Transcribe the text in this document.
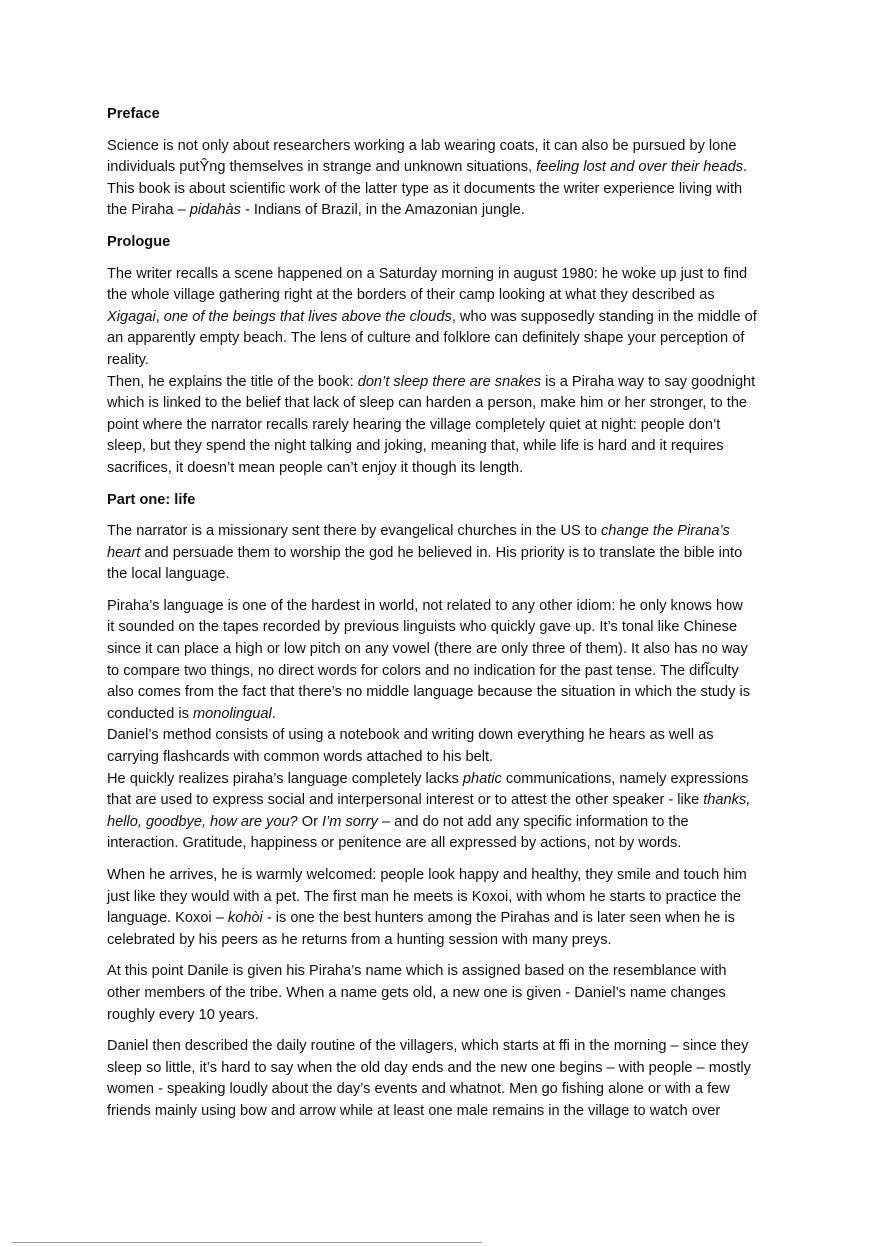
Preface
Science is not only about researchers working a lab wearing coats, it can also be pursued by lone
individuals putŶng themselves in strange and unknown situations, feeling lost and over their heads.
This book is about scientific work of the latter type as it documents the writer experience living with
the Piraha – pidahàs - Indians of Brazil, in the Amazonian jungle.
Prologue
The writer recalls a scene happened on a Saturday morning in august 1980: he woke up just to find
the whole village gathering right at the borders of their camp looking at what they described as
Xigagai, one of the beings that lives above the clouds, who was supposedly standing in the middle of
an apparently empty beach. The lens of culture and folklore can definitely shape your perception of
reality.
Then, he explains the title of the book: don’t sleep there are snakes is a Piraha way to say goodnight
which is linked to the belief that lack of sleep can harden a person, make him or her stronger, to the
point where the narrator recalls rarely hearing the village completely quiet at night: people don’t
sleep, but they spend the night talking and joking, meaning that, while life is hard and it requires
sacrifices, it doesn’t mean people can’t enjoy it though its length.
Part one: life
The narrator is a missionary sent there by evangelical churches in the US to change the Pirana’s
heart and persuade them to worship the god he believed in. His priority is to translate the bible into
the local language.
Piraha’s language is one of the hardest in world, not related to any other idiom: he only knows how
it sounded on the tapes recorded by previous linguists who quickly gave up. It’s tonal like Chinese
since it can place a high or low pitch on any vowel (there are only three of them). It also has no way
to compare two things, no direct words for colors and no indication for the past tense. The difĨculty
also comes from the fact that there’s no middle language because the situation in which the study is
conducted is monolingual.
Daniel’s method consists of using a notebook and writing down everything he hears as well as
carrying flashcards with common words attached to his belt.
He quickly realizes piraha’s language completely lacks phatic communications, namely expressions
that are used to express social and interpersonal interest or to attest the other speaker - like thanks,
hello, goodbye, how are you? Or I’m sorry – and do not add any specific information to the
interaction. Gratitude, happiness or penitence are all expressed by actions, not by words.
When he arrives, he is warmly welcomed: people look happy and healthy, they smile and touch him
just like they would with a pet. The first man he meets is Koxoi, with whom he starts to practice the
language. Koxoi – kohòi - is one the best hunters among the Pirahas and is later seen when he is
celebrated by his peers as he returns from a hunting session with many preys.
At this point Danile is given his Piraha’s name which is assigned based on the resemblance with
other members of the tribe. When a name gets old, a new one is given - Daniel’s name changes
roughly every 10 years.
Daniel then described the daily routine of the villagers, which starts at ffi in the morning – since they
sleep so little, it’s hard to say when the old day ends and the new one begins – with people – mostly
women - speaking loudly about the day’s events and whatnot. Men go fishing alone or with a few
friends mainly using bow and arrow while at least one male remains in the village to watch over
